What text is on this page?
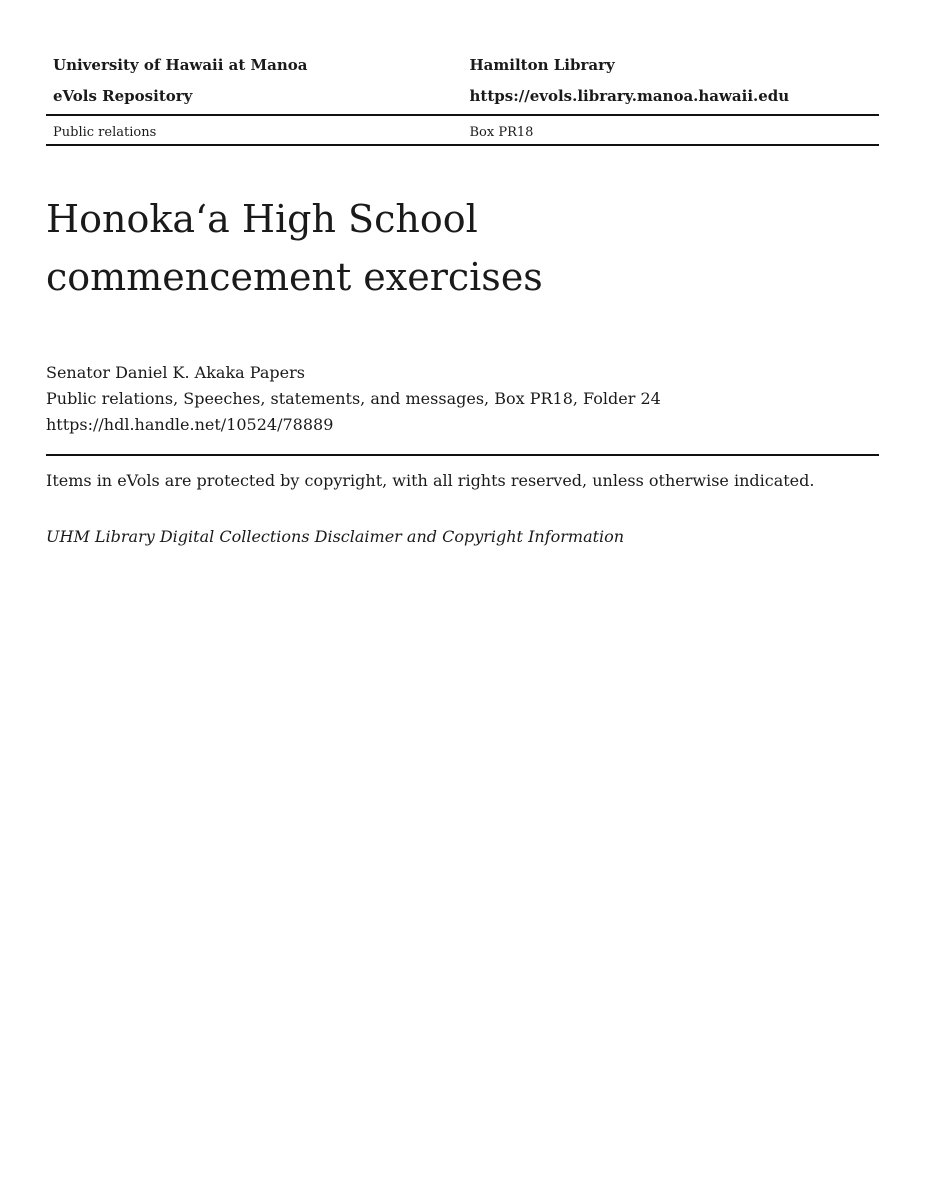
University of Hawaii at Manoa	Hamilton Library
eVols Repository	https://evols.library.manoa.hawaii.edu
Public relations	Box PR18
Honokaʻa High School
commencement exercises
Senator Daniel K. Akaka Papers
Public relations, Speeches, statements, and messages, Box PR18, Folder 24
https://hdl.handle.net/10524/78889
Items in eVols are protected by copyright, with all rights reserved, unless otherwise indicated.
UHM Library Digital Collections Disclaimer and Copyright Information
